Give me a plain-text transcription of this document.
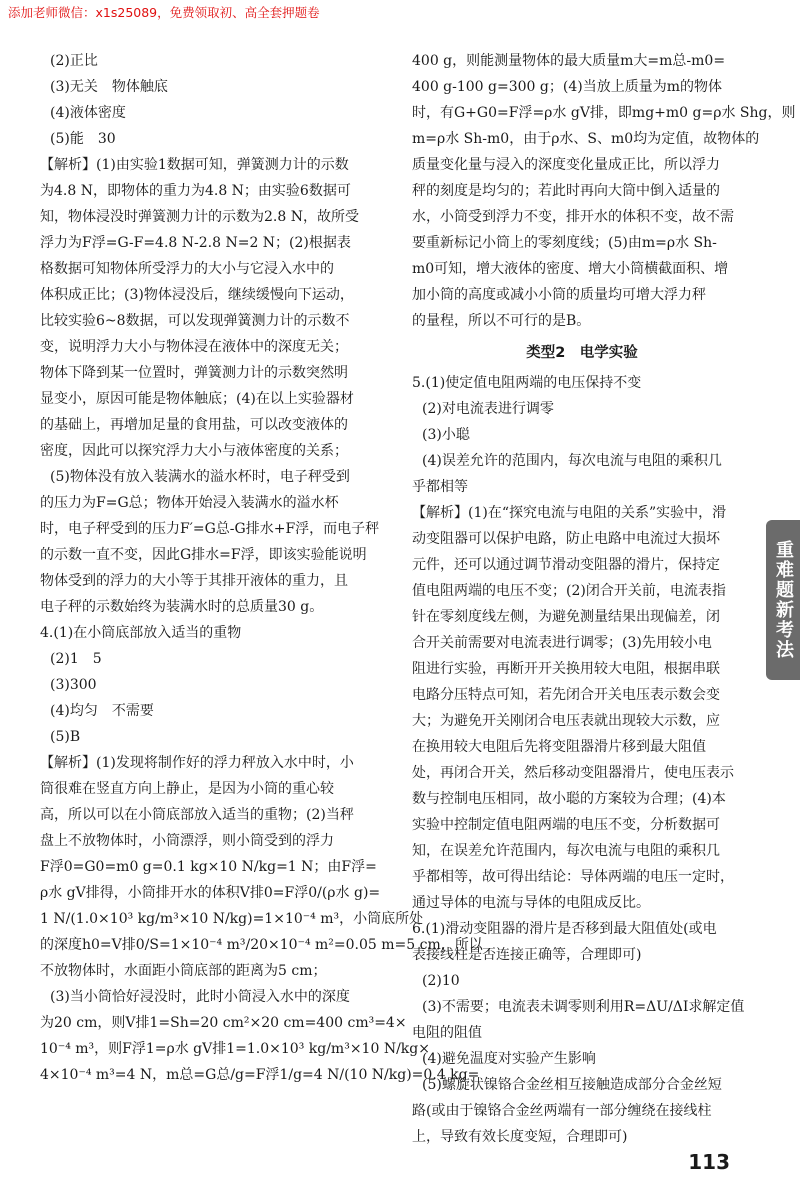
添加老师微信：x1s25089，免费领取初、高全套押题卷
(2)正比
(3)无关　物体触底
(4)液体密度
(5)能　30
【解析】(1)由实验1数据可知，弹簧测力计的示数
为4.8 N，即物体的重力为4.8 N；由实验6数据可
知，物体浸没时弹簧测力计的示数为2.8 N，故所受
浮力为F浮=G-F=4.8 N-2.8 N=2 N；(2)根据表
格数据可知物体所受浮力的大小与它浸入水中的
体积成正比；(3)物体浸没后，继续缓慢向下运动，
比较实验6~8数据，可以发现弹簧测力计的示数不
变，说明浮力大小与物体浸在液体中的深度无关；
物体下降到某一位置时，弹簧测力计的示数突然明
显变小，原因可能是物体触底；(4)在以上实验器材
的基础上，再增加足量的食用盐，可以改变液体的
密度，因此可以探究浮力大小与液体密度的关系；
(5)物体没有放入装满水的溢水杯时，电子秤受到
的压力为F=G总；物体开始浸入装满水的溢水杯
时，电子秤受到的压力F′=G总-G排水+F浮，而电子秤
的示数一直不变，因此G排水=F浮，即该实验能说明
物体受到的浮力的大小等于其排开液体的重力，且
电子秤的示数始终为装满水时的总质量30 g。
4.(1)在小筒底部放入适当的重物
(2)1　5
(3)300
(4)均匀　不需要
(5)B
【解析】(1)发现将制作好的浮力秤放入水中时，小
筒很难在竖直方向上静止，是因为小筒的重心较
高，所以可以在小筒底部放入适当的重物；(2)当秤
盘上不放物体时，小筒漂浮，则小筒受到的浮力
F浮0=G0=m0 g=0.1 kg×10 N/kg=1 N；由F浮=
ρ水 gV排得，小筒排开水的体积V排0=F浮0/(ρ水 g)=
1 N/(1.0×10³ kg/m³×10 N/kg)=1×10⁻⁴ m³，小筒底所处
的深度h0=V排0/S=1×10⁻⁴ m³/20×10⁻⁴ m²=0.05 m=5 cm，所以
不放物体时，水面距小筒底部的距离为5 cm；
(3)当小筒恰好浸没时，此时小筒浸入水中的深度
为20 cm，则V排1=Sh=20 cm²×20 cm=400 cm³=4×
10⁻⁴ m³，则F浮1=ρ水 gV排1=1.0×10³ kg/m³×10 N/kg×
4×10⁻⁴ m³=4 N，m总=G总/g=F浮1/g=4 N/(10 N/kg)=0.4 kg=
400 g，则能测量物体的最大质量m大=m总-m0=
400 g-100 g=300 g；(4)当放上质量为m的物体
时，有G+G0=F浮=ρ水 gV排，即mg+m0 g=ρ水 Shg，则
m=ρ水 Sh-m0，由于ρ水、S、m0均为定值，故物体的
质量变化量与浸入的深度变化量成正比，所以浮力
秤的刻度是均匀的；若此时再向大筒中倒入适量的
水，小筒受到浮力不变，排开水的体积不变，故不需
要重新标记小筒上的零刻度线；(5)由m=ρ水 Sh-
m0可知，增大液体的密度、增大小筒横截面积、增
加小筒的高度或减小小筒的质量均可增大浮力秤
的量程，所以不可行的是B。
类型2　电学实验
5.(1)使定值电阻两端的电压保持不变
(2)对电流表进行调零
(3)小聪
(4)误差允许的范围内，每次电流与电阻的乘积几
乎都相等
【解析】(1)在“探究电流与电阻的关系”实验中，滑
动变阻器可以保护电路，防止电路中电流过大损坏
元件，还可以通过调节滑动变阻器的滑片，保持定
值电阻两端的电压不变；(2)闭合开关前，电流表指
针在零刻度线左侧，为避免测量结果出现偏差，闭
合开关前需要对电流表进行调零；(3)先用较小电
阻进行实验，再断开开关换用较大电阻，根据串联
电路分压特点可知，若先闭合开关电压表示数会变
大；为避免开关刚闭合电压表就出现较大示数，应
在换用较大电阻后先将变阻器滑片移到最大阻值
处，再闭合开关，然后移动变阻器滑片，使电压表示
数与控制电压相同，故小聪的方案较为合理；(4)本
实验中控制定值电阻两端的电压不变，分析数据可
知，在误差允许范围内，每次电流与电阻的乘积几
乎都相等，故可得出结论：导体两端的电压一定时，
通过导体的电流与导体的电阻成反比。
6.(1)滑动变阻器的滑片是否移到最大阻值处(或电
表接线柱是否连接正确等，合理即可)
(2)10
(3)不需要；电流表未调零则利用R=ΔU/ΔI求解定值
电阻的阻值
(4)避免温度对实验产生影响
(5)螺旋状镍铬合金丝相互接触造成部分合金丝短
路(或由于镍铬合金丝两端有一部分缠绕在接线柱
上，导致有效长度变短，合理即可)
重难题新考法
113
